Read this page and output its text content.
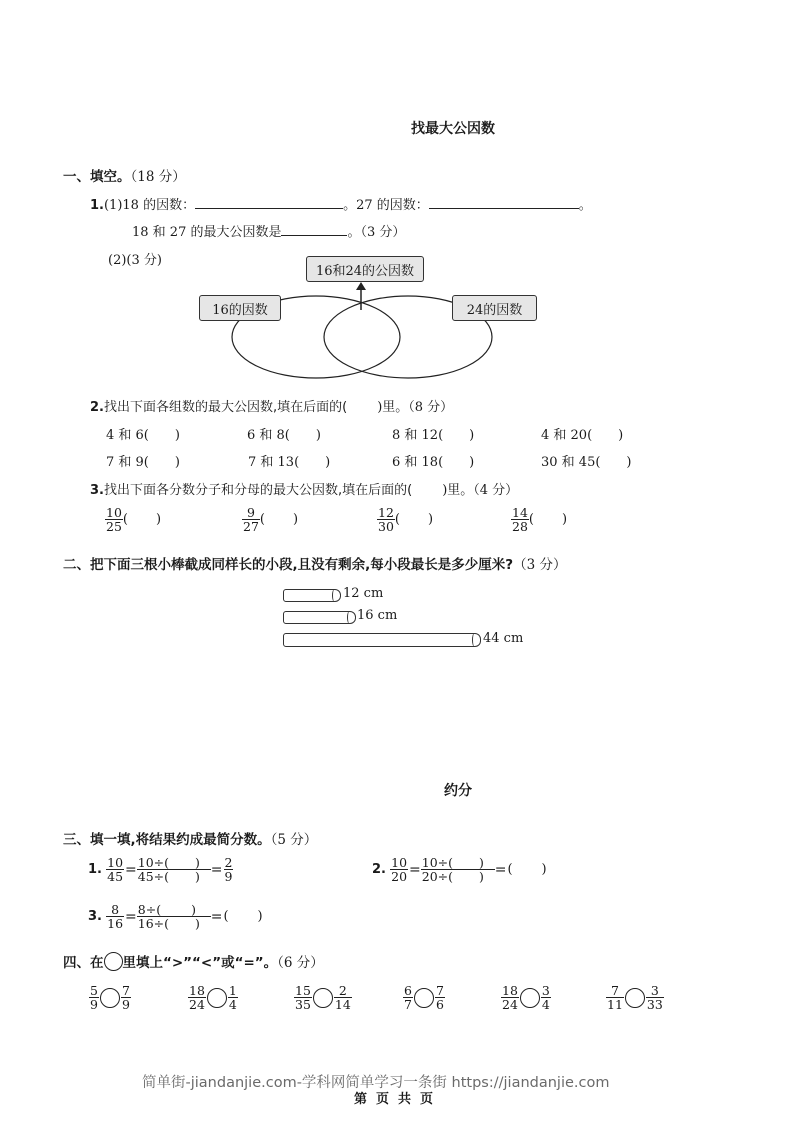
找最大公因数
一、填空。（18 分）
1.(1)18 的因数：	。27 的因数：	。
18 和 27 的最大公因数是	。（3 分）
(2)(3 分)
16和24的公因数
16的因数	24的因数
2.找出下面各组数的最大公因数,填在后面的( )里。（8 分）
4 和 6( )	6 和 8( )	8 和 12( )	4 和 20( )
7 和 9( )	7 和 13( )	6 和 18( )	30 和 45( )
3.找出下面各分数分子和分母的最大公因数,填在后面的( )里。（4 分）
$\frac{10}{25}$ ( )	$\frac{9}{27}$ ( )	$\frac{12}{30}$ ( )	$\frac{14}{28}$ ( )
二、把下面三根小棒截成同样长的小段,且没有剩余,每小段最长是多少厘米?（3 分）
12 cm
16 cm
44 cm
约分
三、填一填,将结果约成最简分数。（5 分）
1. $\frac{10}{45} = \frac{10\div( )}{45\div( )} = \frac{2}{9}$	2. $\frac{10}{20} = \frac{10\div( )}{20\div( )}$ =(       )
3. $\frac{8}{16} = \frac{8\div( )}{16\div( )}$ =(       )
四、在 里填上“>”“<”或“=”。（6 分）
$\frac{5}{9} \frac{7}{9}$	$\frac{18}{24} \frac{1}{4}$	$\frac{15}{35} \frac{2}{14}$	$\frac{6}{7} \frac{7}{6}$	$\frac{18}{24} \frac{3}{4}$	$\frac{7}{11} \frac{3}{33}$
简单街-jiandanjie.com-学科网简单学习一条街 https://jiandanjie.com
第页共页
